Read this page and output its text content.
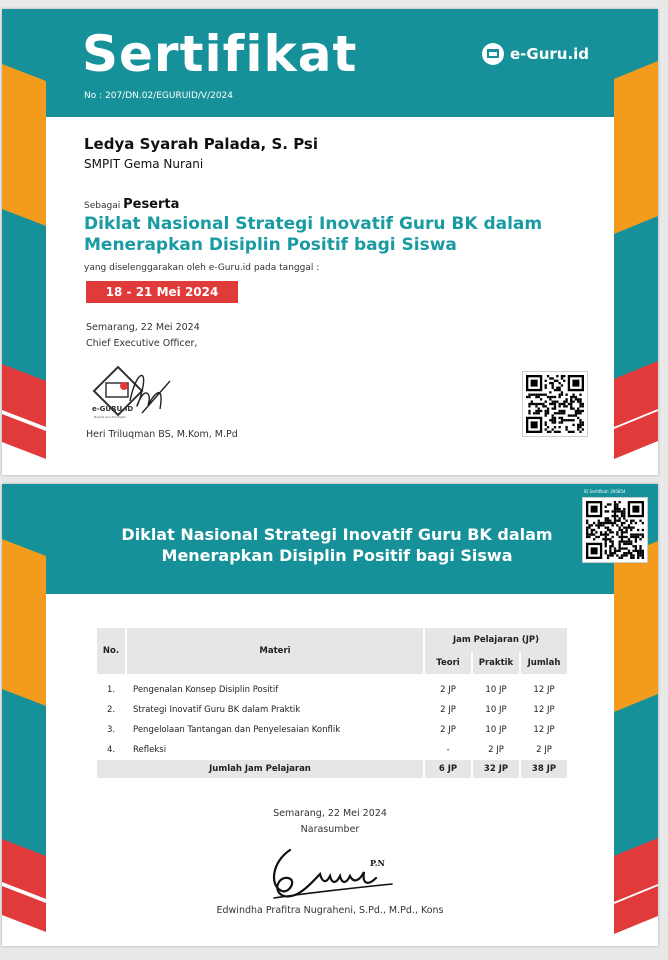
Sertifikat
No : 207/DN.02/EGURUID/V/2024
e-Guru.id
Ledya Syarah Palada, S. Psi
SMPIT Gema Nurani
Sebagai Peserta
Diklat Nasional Strategi Inovatif Guru BK dalam
Menerapkan Disiplin Positif bagi Siswa
yang diselenggarakan oleh e-Guru.id pada tanggal :
18 - 21 Mei 2024
Semarang, 22 Mei 2024
Chief Executive Officer,
e-GURU.ID
Menjadi Guru Era Digital
Heri Triluqman BS, M.Kom, M.Pd
Diklat Nasional Strategi Inovatif Guru BK dalam
Menerapkan Disiplin Positif bagi Siswa
ID Sertifikat: 295854
No.	Materi	Jam Pelajaran (JP)		
		Teori	Praktik	Jumlah

1.	Pengenalan Konsep Disiplin Positif	2 JP	10 JP	12 JP
2.	Strategi Inovatif Guru BK dalam Praktik	2 JP	10 JP	12 JP
3.	Pengelolaan Tantangan dan Penyelesaian Konflik	2 JP	10 JP	12 JP
4.	Refleksi	-	2 JP	2 JP
Jumlah Jam Pelajaran		6 JP	32 JP	38 JP
Semarang, 22 Mei 2024
Narasumber
P.N
Edwindha Prafitra Nugraheni, S.Pd., M.Pd., Kons
